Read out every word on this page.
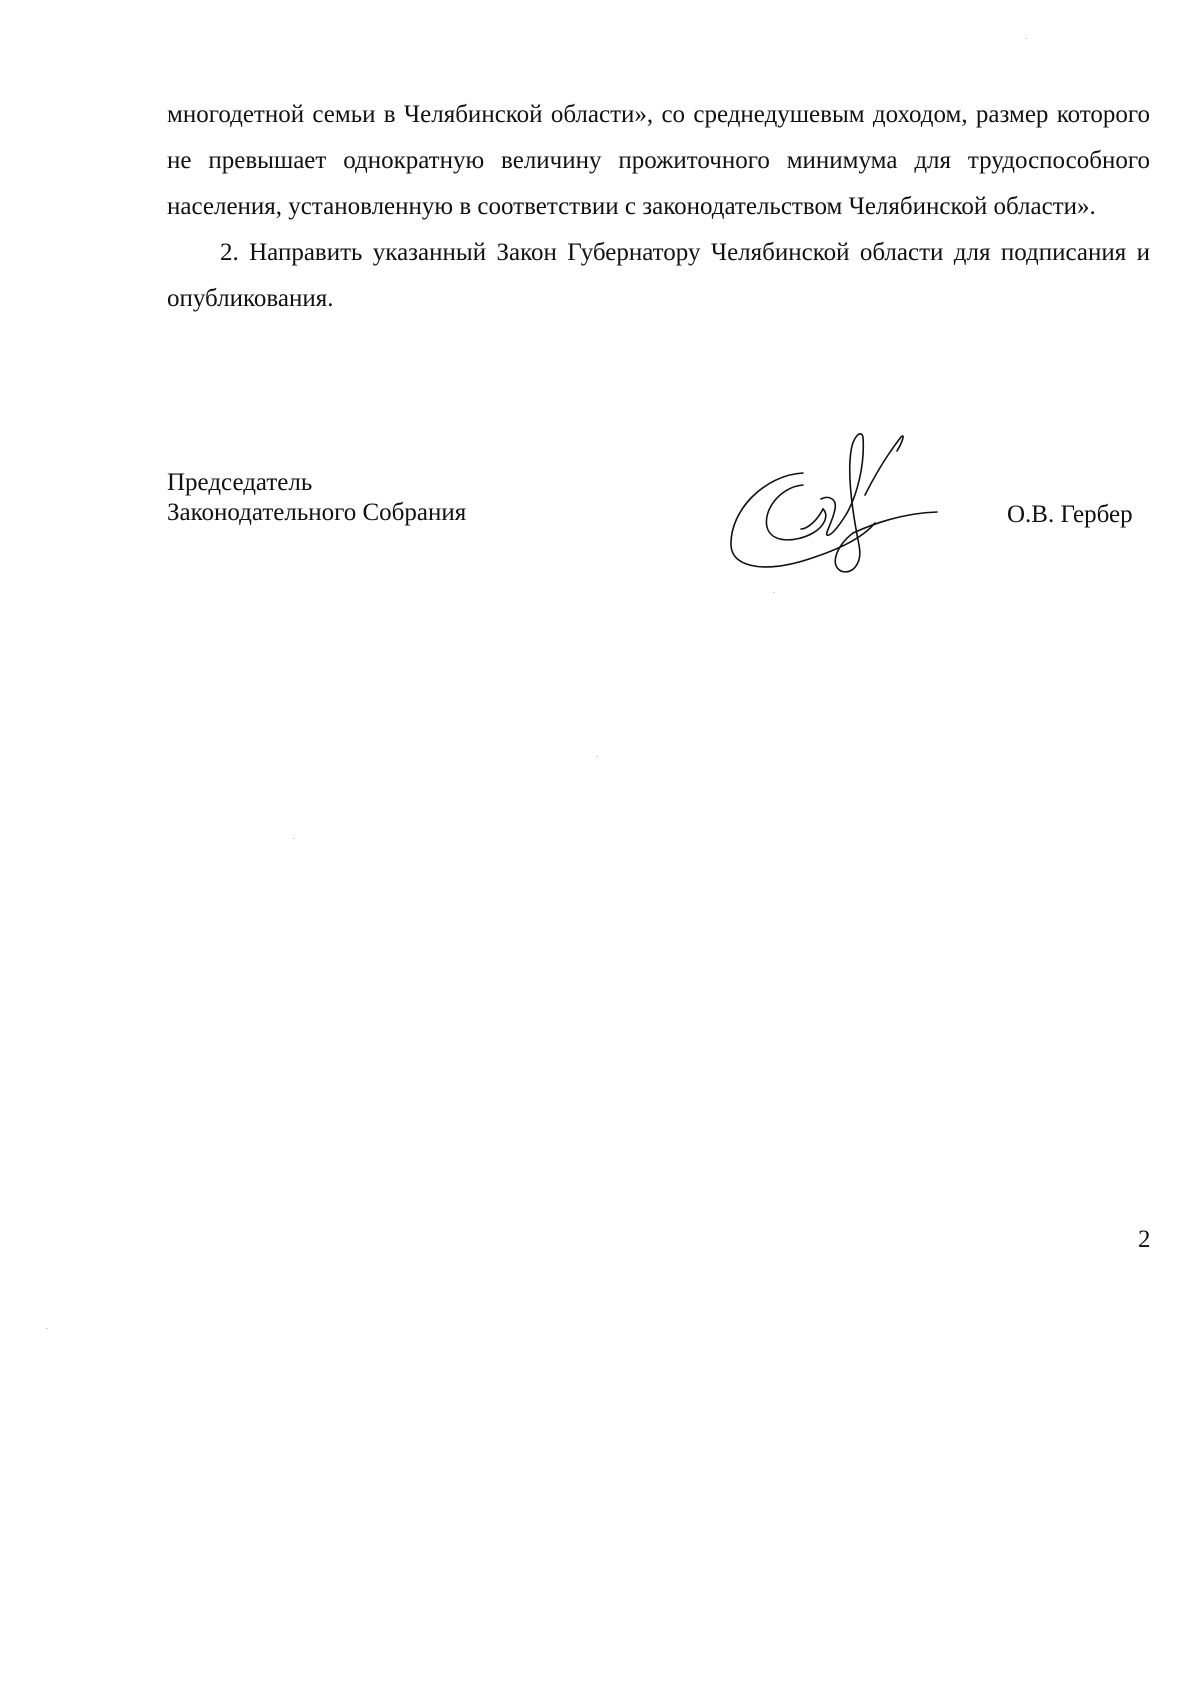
многодетной семьи в Челябинской области», со среднедушевым доходом, размер которого не превышает однократную величину прожиточного минимума для трудоспособного населения, установленную в соответствии с законодательством Челябинской области».

2. Направить указанный Закон Губернатору Челябинской области для подписания и опубликования.

Председатель
Законодательного Собрания	О.В. Гербер
2
